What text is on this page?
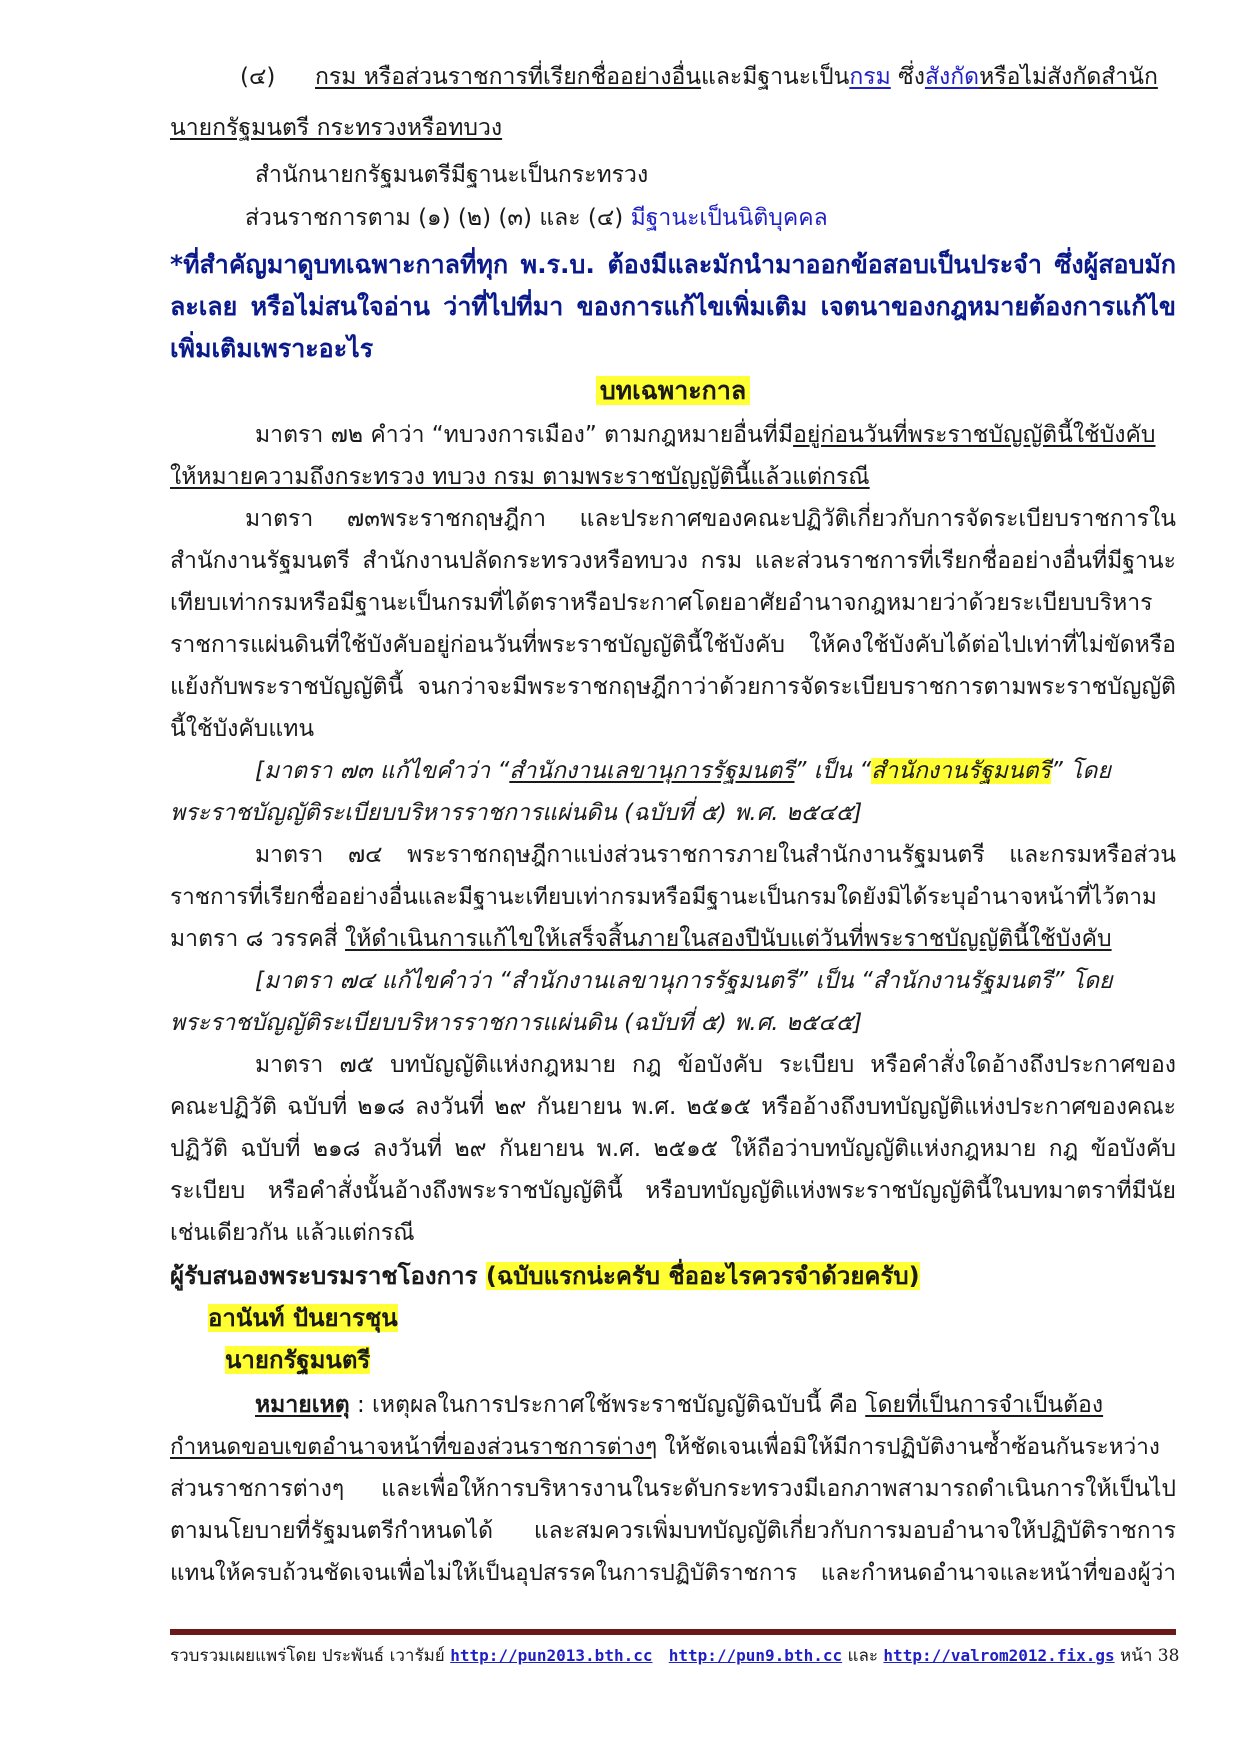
(๔) กรม หรือส่วนราชการที่เรียกชื่ออย่างอื่นและมีฐานะเป็นกรม ซึ่งสังกัดหรือไม่สังกัดสำนัก
นายกรัฐมนตรี กระทรวงหรือทบวง
สำนักนายกรัฐมนตรีมีฐานะเป็นกระทรวง
ส่วนราชการตาม (๑) (๒) (๓) และ (๔) มีฐานะเป็นนิติบุคคล
*ที่สำคัญมาดูบทเฉพาะกาลที่ทุก พ.ร.บ. ต้องมีและมักนำมาออกข้อสอบเป็นประจำ ซึ่งผู้สอบมัก
ละเลย หรือไม่สนใจอ่าน ว่าที่ไปที่มา ของการแก้ไขเพิ่มเติม เจตนาของกฎหมายต้องการแก้ไข
เพิ่มเติมเพราะอะไร
บทเฉพาะกาล
มาตรา ๗๒ คำว่า “ทบวงการเมือง” ตามกฎหมายอื่นที่มีอยู่ก่อนวันที่พระราชบัญญัตินี้ใช้บังคับ
ให้หมายความถึงกระทรวง ทบวง กรม ตามพระราชบัญญัตินี้แล้วแต่กรณี
มาตรา ๗๓พระราชกฤษฎีกา และประกาศของคณะปฏิวัติเกี่ยวกับการจัดระเบียบราชการใน
สำนักงานรัฐมนตรี สำนักงานปลัดกระทรวงหรือทบวง กรม และส่วนราชการที่เรียกชื่ออย่างอื่นที่มีฐานะ
เทียบเท่ากรมหรือมีฐานะเป็นกรมที่ได้ตราหรือประกาศโดยอาศัยอำนาจกฎหมายว่าด้วยระเบียบบริหาร
ราชการแผ่นดินที่ใช้บังคับอยู่ก่อนวันที่พระราชบัญญัตินี้ใช้บังคับ ให้คงใช้บังคับได้ต่อไปเท่าที่ไม่ขัดหรือ
แย้งกับพระราชบัญญัตินี้ จนกว่าจะมีพระราชกฤษฎีกาว่าด้วยการจัดระเบียบราชการตามพระราชบัญญัติ
นี้ใช้บังคับแทน
[มาตรา ๗๓ แก้ไขคำว่า “สำนักงานเลขานุการรัฐมนตรี” เป็น “สำนักงานรัฐมนตรี” โดย
พระราชบัญญัติระเบียบบริหารราชการแผ่นดิน (ฉบับที่ ๕) พ.ศ. ๒๕๔๕]
มาตรา ๗๔ พระราชกฤษฎีกาแบ่งส่วนราชการภายในสำนักงานรัฐมนตรี และกรมหรือส่วน
ราชการที่เรียกชื่ออย่างอื่นและมีฐานะเทียบเท่ากรมหรือมีฐานะเป็นกรมใดยังมิได้ระบุอำนาจหน้าที่ไว้ตาม
มาตรา ๘ วรรคสี่ ให้ดำเนินการแก้ไขให้เสร็จสิ้นภายในสองปีนับแต่วันที่พระราชบัญญัตินี้ใช้บังคับ
[มาตรา ๗๔ แก้ไขคำว่า “สำนักงานเลขานุการรัฐมนตรี” เป็น “สำนักงานรัฐมนตรี” โดย
พระราชบัญญัติระเบียบบริหารราชการแผ่นดิน (ฉบับที่ ๕) พ.ศ. ๒๕๔๕]
มาตรา ๗๕ บทบัญญัติแห่งกฎหมาย กฎ ข้อบังคับ ระเบียบ หรือคำสั่งใดอ้างถึงประกาศของ
คณะปฏิวัติ ฉบับที่ ๒๑๘ ลงวันที่ ๒๙ กันยายน พ.ศ. ๒๕๑๕ หรืออ้างถึงบทบัญญัติแห่งประกาศของคณะ
ปฏิวัติ ฉบับที่ ๒๑๘ ลงวันที่ ๒๙ กันยายน พ.ศ. ๒๕๑๕ ให้ถือว่าบทบัญญัติแห่งกฎหมาย กฎ ข้อบังคับ
ระเบียบ หรือคำสั่งนั้นอ้างถึงพระราชบัญญัตินี้ หรือบทบัญญัติแห่งพระราชบัญญัตินี้ในบทมาตราที่มีนัย
เช่นเดียวกัน แล้วแต่กรณี
ผู้รับสนองพระบรมราชโองการ (ฉบับแรกน่ะครับ ชื่ออะไรควรจำด้วยครับ)
อานันท์ ปันยารชุน
นายกรัฐมนตรี
หมายเหตุ : เหตุผลในการประกาศใช้พระราชบัญญัติฉบับนี้ คือ โดยที่เป็นการจำเป็นต้อง
กำหนดขอบเขตอำนาจหน้าที่ของส่วนราชการต่างๆ ให้ชัดเจนเพื่อมิให้มีการปฏิบัติงานซ้ำซ้อนกันระหว่าง
ส่วนราชการต่างๆ และเพื่อให้การบริหารงานในระดับกระทรวงมีเอกภาพสามารถดำเนินการให้เป็นไป
ตามนโยบายที่รัฐมนตรีกำหนดได้ และสมควรเพิ่มบทบัญญัติเกี่ยวกับการมอบอำนาจให้ปฏิบัติราชการ
แทนให้ครบถ้วนชัดเจนเพื่อไม่ให้เป็นอุปสรรคในการปฏิบัติราชการ และกำหนดอำนาจและหน้าที่ของผู้ว่า
รวบรวมเผยแพร่โดย ประพันธ์ เวารัมย์ http://pun2013.bth.cc http://pun9.bth.cc และ http://valrom2012.fix.gs หน้า 38
